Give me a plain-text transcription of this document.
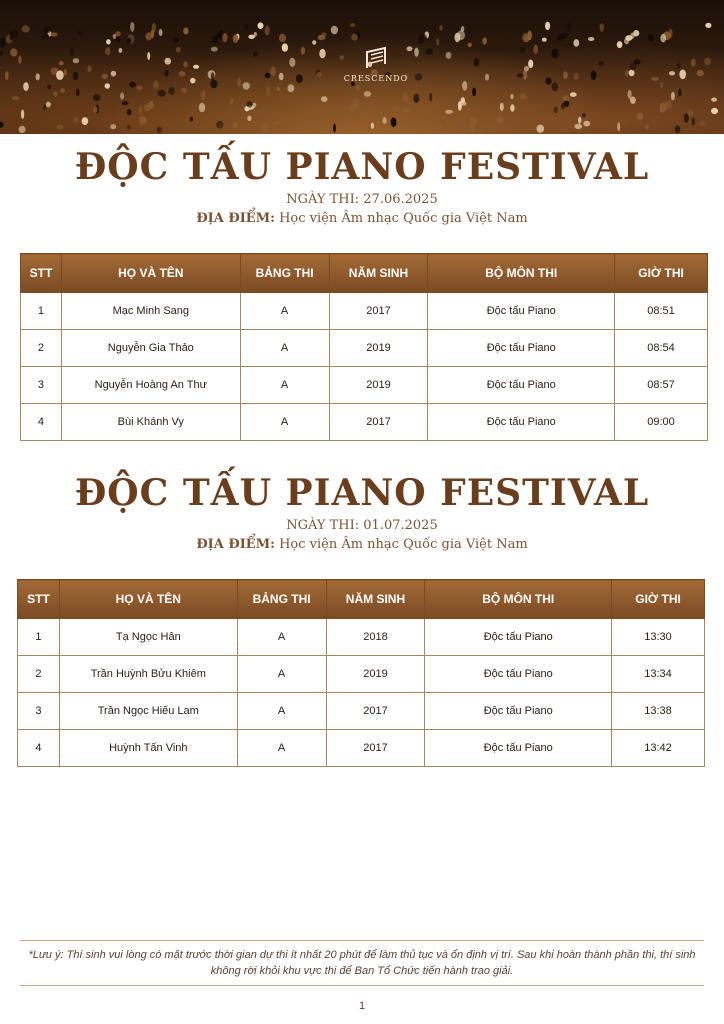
CRESCENDO
ĐỘC TẤU PIANO FESTIVAL
NGÀY THI: 27.06.2025
ĐỊA ĐIỂM: Học viện Âm nhạc Quốc gia Việt Nam
STT	HỌ VÀ TÊN	BẢNG THI	NĂM SINH	BỘ MÔN THI	GIỜ THI
1	Mạc Minh Sang	A	2017	Độc tấu Piano	08:51
2	Nguyễn Gia Thảo	A	2019	Độc tấu Piano	08:54
3	Nguyễn Hoàng An Thư	A	2019	Độc tấu Piano	08:57
4	Bùi Khánh Vy	A	2017	Độc tấu Piano	09:00
ĐỘC TẤU PIANO FESTIVAL
NGÀY THI: 01.07.2025
ĐỊA ĐIỂM: Học viện Âm nhạc Quốc gia Việt Nam
STT	HỌ VÀ TÊN	BẢNG THI	NĂM SINH	BỘ MÔN THI	GIỜ THI
1	Tạ Ngọc Hân	A	2018	Độc tấu Piano	13:30
2	Trần Huỳnh Bửu Khiêm	A	2019	Độc tấu Piano	13:34
3	Trần Ngọc Hiếu Lam	A	2017	Độc tấu Piano	13:38
4	Huỳnh Tấn Vinh	A	2017	Độc tấu Piano	13:42
*Lưu ý: Thí sinh vui lòng có mặt trước thời gian dự thi ít nhất 20 phút để làm thủ tục và ổn định vị trí. Sau khi hoàn thành phần thi, thí sinh không rời khỏi khu vực thi để Ban Tổ Chức tiến hành trao giải.
1
